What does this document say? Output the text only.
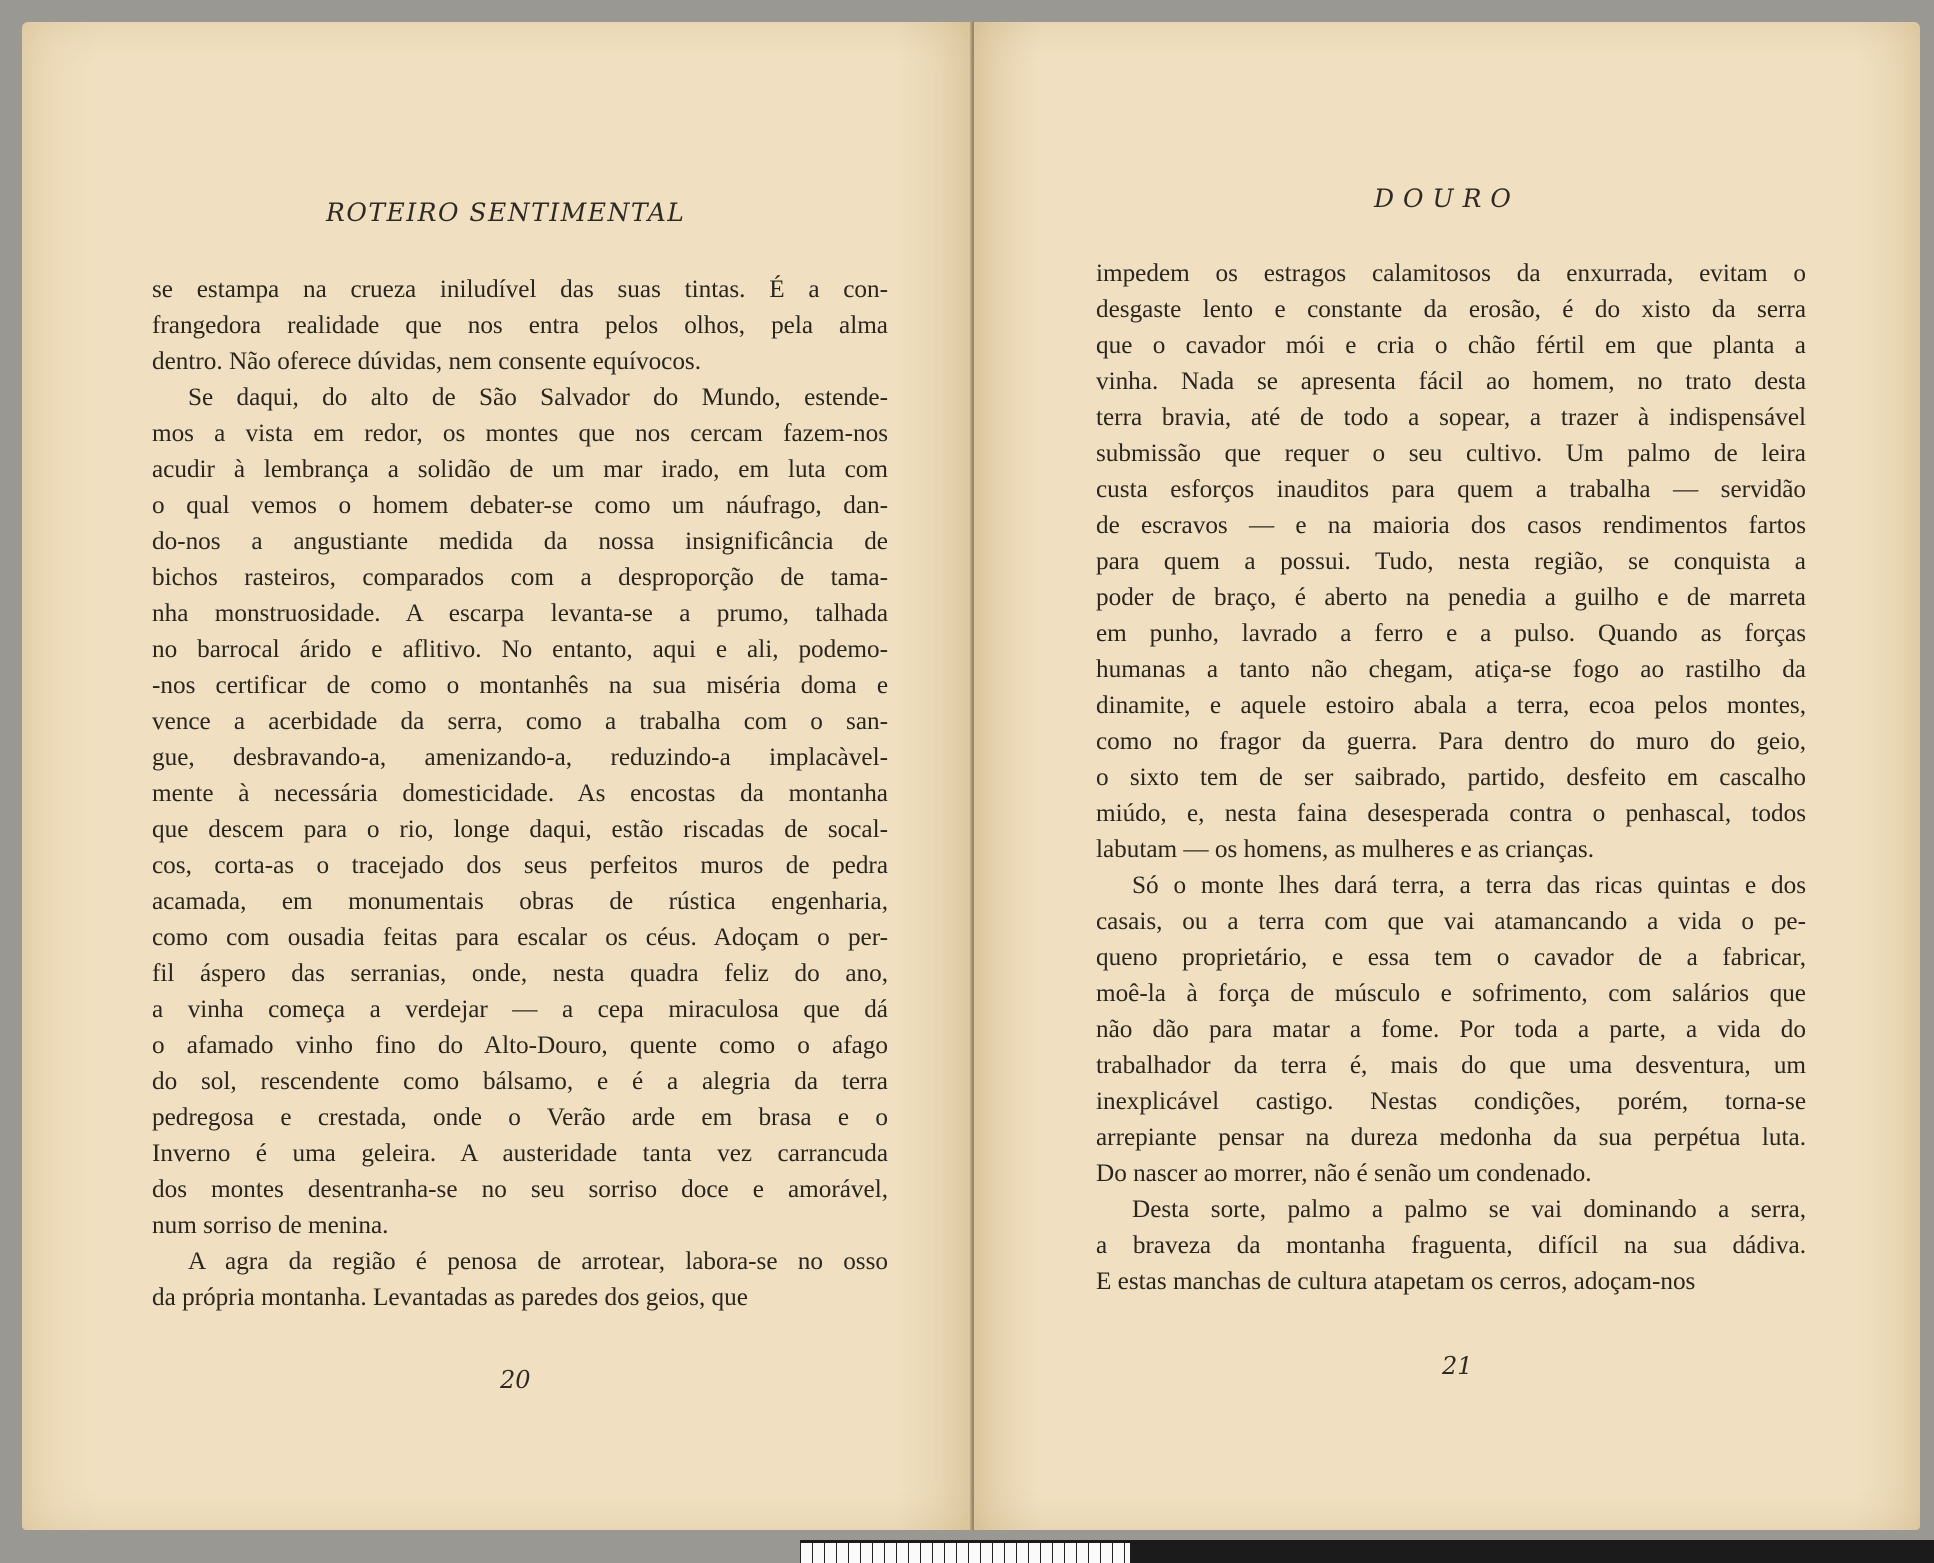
ROTEIRO SENTIMENTAL
se estampa na crueza iniludível das suas tintas. É a con-
frangedora realidade que nos entra pelos olhos, pela alma
dentro. Não oferece dúvidas, nem consente equívocos.
Se daqui, do alto de São Salvador do Mundo, estende-
mos a vista em redor, os montes que nos cercam fazem-nos
acudir à lembrança a solidão de um mar irado, em luta com
o qual vemos o homem debater-se como um náufrago, dan-
do-nos a angustiante medida da nossa insignificância de
bichos rasteiros, comparados com a desproporção de tama-
nha monstruosidade. A escarpa levanta-se a prumo, talhada
no barrocal árido e aflitivo. No entanto, aqui e ali, podemo-
-nos certificar de como o montanhês na sua miséria doma e
vence a acerbidade da serra, como a trabalha com o san-
gue, desbravando-a, amenizando-a, reduzindo-a implacàvel-
mente à necessária domesticidade. As encostas da montanha
que descem para o rio, longe daqui, estão riscadas de socal-
cos, corta-as o tracejado dos seus perfeitos muros de pedra
acamada, em monumentais obras de rústica engenharia,
como com ousadia feitas para escalar os céus. Adoçam o per-
fil áspero das serranias, onde, nesta quadra feliz do ano,
a vinha começa a verdejar — a cepa miraculosa que dá
o afamado vinho fino do Alto-Douro, quente como o afago
do sol, rescendente como bálsamo, e é a alegria da terra
pedregosa e crestada, onde o Verão arde em brasa e o
Inverno é uma geleira. A austeridade tanta vez carrancuda
dos montes desentranha-se no seu sorriso doce e amorável,
num sorriso de menina.
A agra da região é penosa de arrotear, labora-se no osso
da própria montanha. Levantadas as paredes dos geios, que
20
DOURO
impedem os estragos calamitosos da enxurrada, evitam o
desgaste lento e constante da erosão, é do xisto da serra
que o cavador mói e cria o chão fértil em que planta a
vinha. Nada se apresenta fácil ao homem, no trato desta
terra bravia, até de todo a sopear, a trazer à indispensável
submissão que requer o seu cultivo. Um palmo de leira
custa esforços inauditos para quem a trabalha — servidão
de escravos — e na maioria dos casos rendimentos fartos
para quem a possui. Tudo, nesta região, se conquista a
poder de braço, é aberto na penedia a guilho e de marreta
em punho, lavrado a ferro e a pulso. Quando as forças
humanas a tanto não chegam, atiça-se fogo ao rastilho da
dinamite, e aquele estoiro abala a terra, ecoa pelos montes,
como no fragor da guerra. Para dentro do muro do geio,
o sixto tem de ser saibrado, partido, desfeito em cascalho
miúdo, e, nesta faina desesperada contra o penhascal, todos
labutam — os homens, as mulheres e as crianças.
Só o monte lhes dará terra, a terra das ricas quintas e dos
casais, ou a terra com que vai atamancando a vida o pe-
queno proprietário, e essa tem o cavador de a fabricar,
moê-la à força de músculo e sofrimento, com salários que
não dão para matar a fome. Por toda a parte, a vida do
trabalhador da terra é, mais do que uma desventura, um
inexplicável castigo. Nestas condições, porém, torna-se
arrepiante pensar na dureza medonha da sua perpétua luta.
Do nascer ao morrer, não é senão um condenado.
Desta sorte, palmo a palmo se vai dominando a serra,
a braveza da montanha fraguenta, difícil na sua dádiva.
E estas manchas de cultura atapetam os cerros, adoçam-nos
21
